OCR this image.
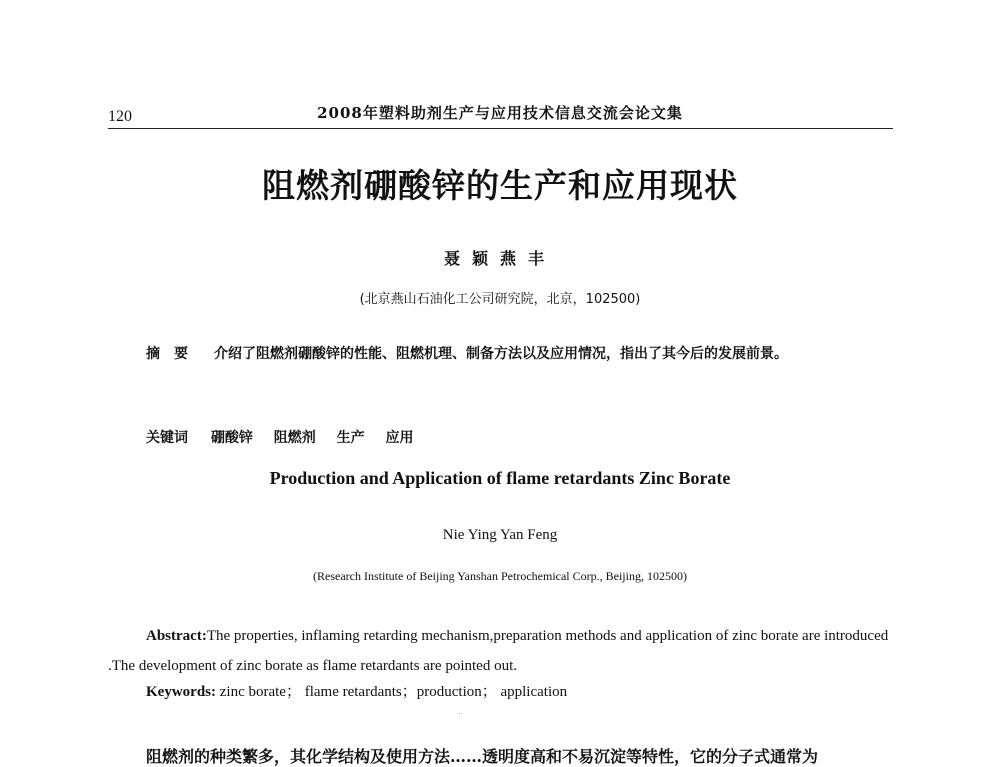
120	2008年塑料助剂生产与应用技术信息交流会论文集
阻燃剂硼酸锌的生产和应用现状
聂颖燕丰
(北京燕山石油化工公司研究院，北京，102500)
摘要 介绍了阻燃剂硼酸锌的性能、阻燃机理、制备方法以及应用情况，指出了其今后的发展前景。
关键词 硼酸锌 阻燃剂 生产 应用
Production and Application of flame retardants Zinc Borate
Nie Ying Yan Feng
(Research Institute of Beijing Yanshan Petrochemical Corp., Beijing, 102500)
Abstract:The properties, inflaming retarding mechanism,preparation methods and application of zinc borate are introduced .The development of zinc borate as flame retardants are pointed out.
Keywords: zinc borate； flame retardants；production； application
阻燃剂的种类繁多，其化学结构及使用方法……透明度高和不易沉淀等特性，它的分子式通常为
